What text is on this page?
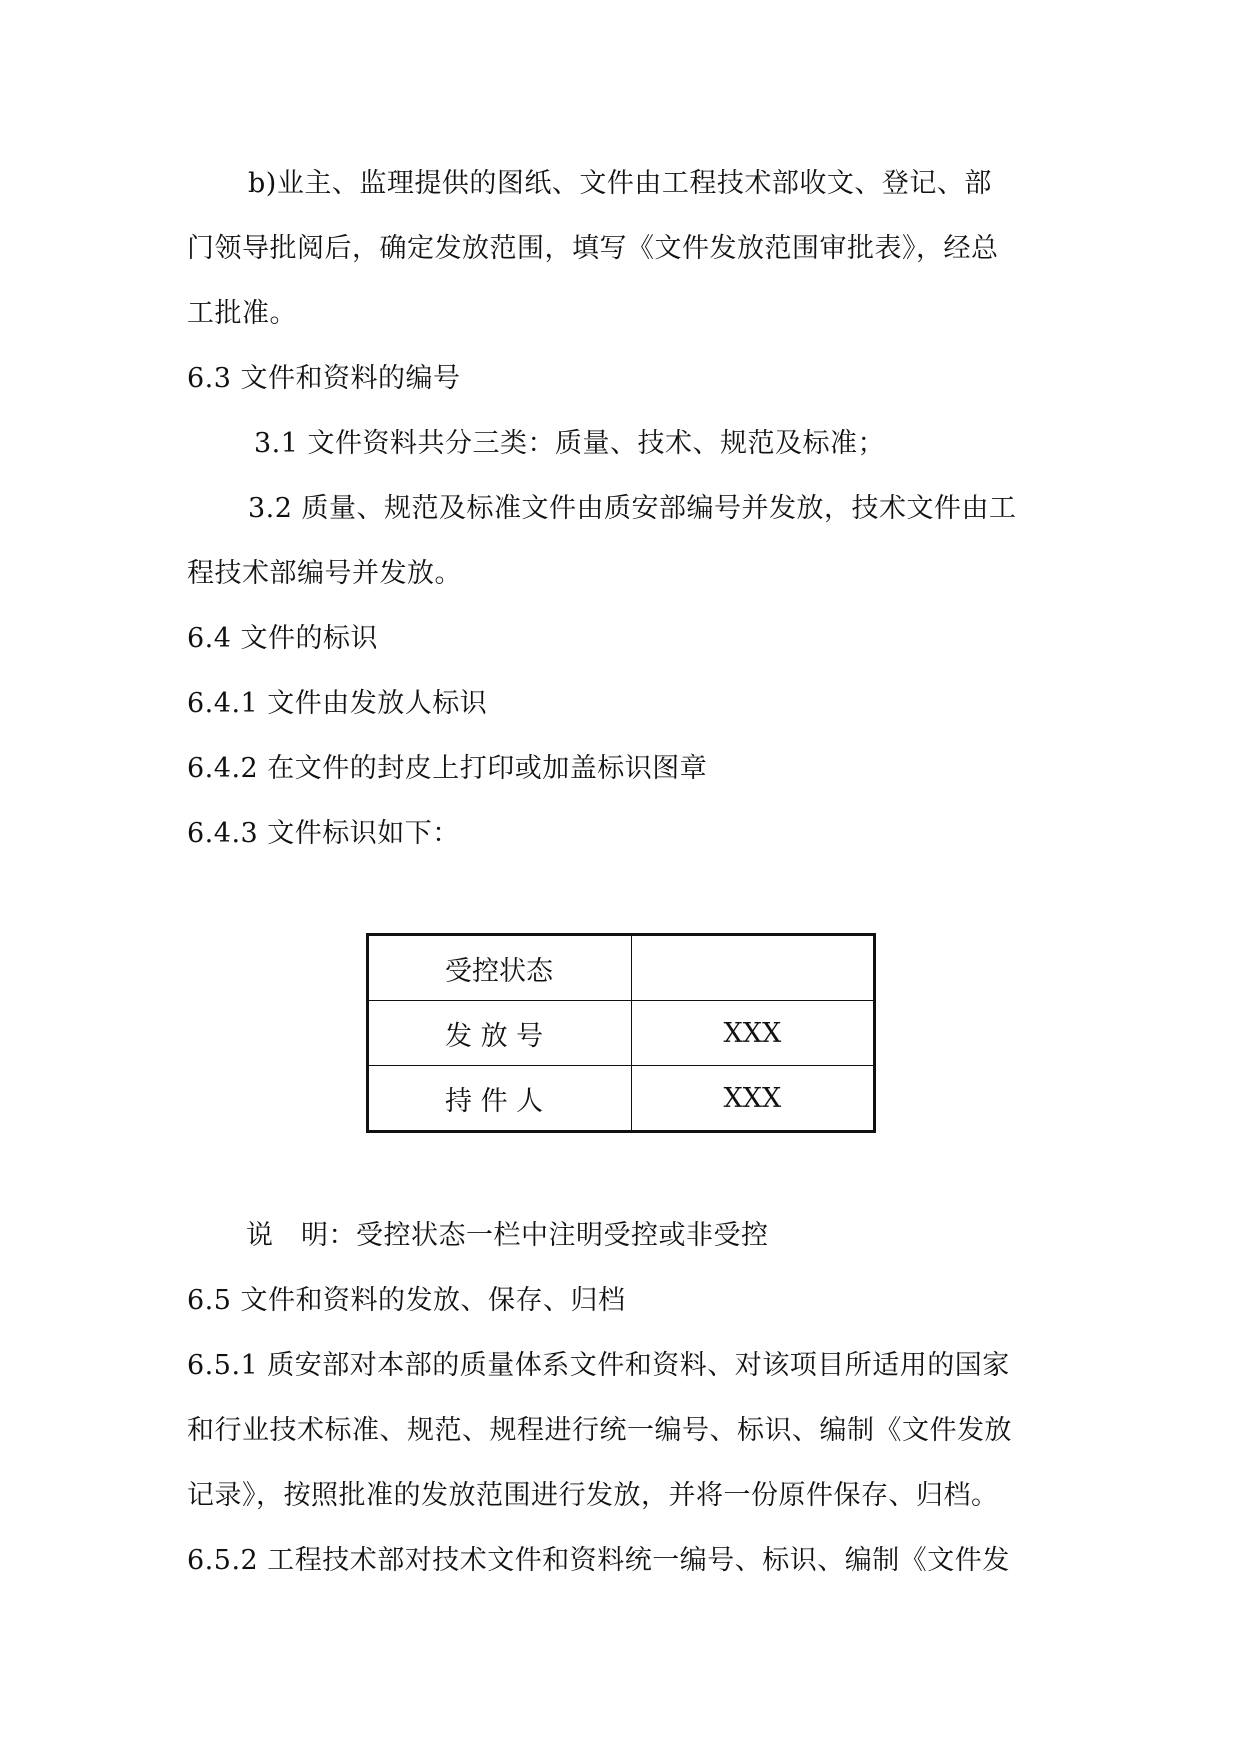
b)业主、监理提供的图纸、文件由工程技术部收文、登记、部
门领导批阅后，确定发放范围，填写《文件发放范围审批表》，经总
工批准。
6.3 文件和资料的编号
3.1 文件资料共分三类：质量、技术、规范及标准；
3.2 质量、规范及标准文件由质安部编号并发放，技术文件由工
程技术部编号并发放。
6.4 文件的标识
6.4.1 文件由发放人标识
6.4.2 在文件的封皮上打印或加盖标识图章
6.4.3 文件标识如下：
受控状态	
发 放 号	XXX
持 件 人	XXX
说　明：受控状态一栏中注明受控或非受控
6.5 文件和资料的发放、保存、归档
6.5.1 质安部对本部的质量体系文件和资料、对该项目所适用的国家
和行业技术标准、规范、规程进行统一编号、标识、编制《文件发放
记录》，按照批准的发放范围进行发放，并将一份原件保存、归档。
6.5.2 工程技术部对技术文件和资料统一编号、标识、编制《文件发
